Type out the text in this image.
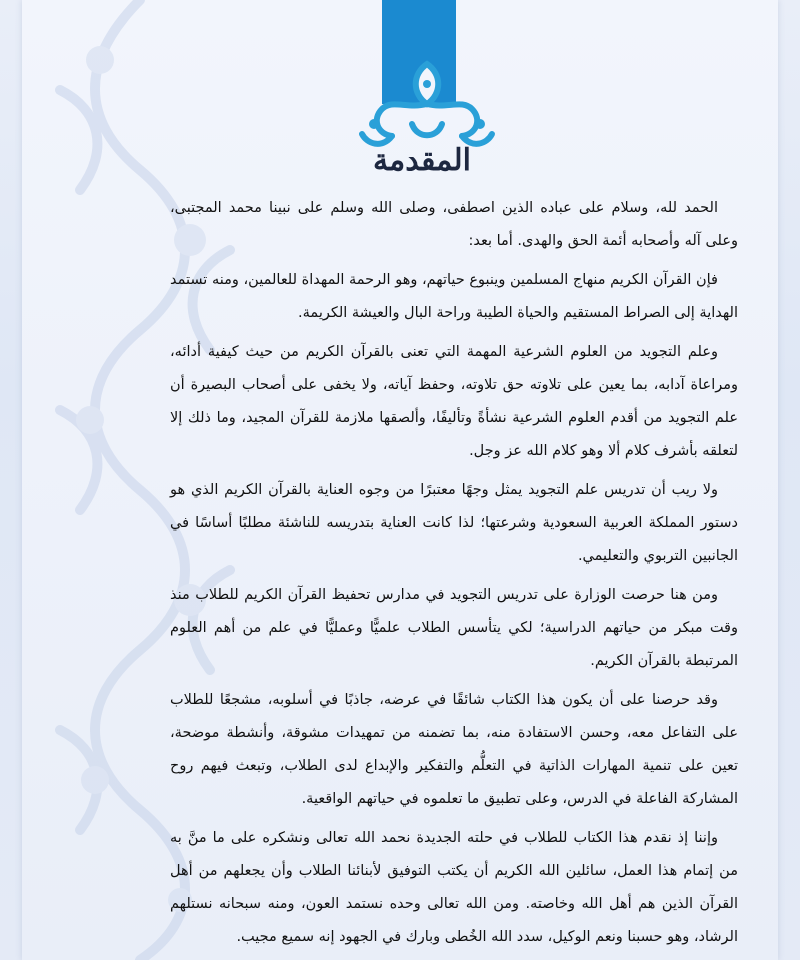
المقدمة

الحمد لله، وسلام على عباده الذين اصطفى، وصلى الله وسلم على نبينا محمد المجتبى، وعلى آله وأصحابه أئمة الحق والهدى. أما بعد:

فإن القرآن الكريم منهاج المسلمين وينبوع حياتهم، وهو الرحمة المهداة للعالمين، ومنه تستمد الهداية إلى الصراط المستقيم والحياة الطيبة وراحة البال والعيشة الكريمة.

وعلم التجويد من العلوم الشرعية المهمة التي تعنى بالقرآن الكريم من حيث كيفية أدائه، ومراعاة آدابه، بما يعين على تلاوته حق تلاوته، وحفظ آياته، ولا يخفى على أصحاب البصيرة أن علم التجويد من أقدم العلوم الشرعية نشأةً وتأليفًا، وألصقها ملازمة للقرآن المجيد، وما ذلك إلا لتعلقه بأشرف كلام ألا وهو كلام الله عز وجل.

ولا ريب أن تدريس علم التجويد يمثل وجهًا معتبرًا من وجوه العناية بالقرآن الكريم الذي هو دستور المملكة العربية السعودية وشرعتها؛ لذا كانت العناية بتدريسه للناشئة مطلبًا أساسًا في الجانبين التربوي والتعليمي.

ومن هنا حرصت الوزارة على تدريس التجويد في مدارس تحفيظ القرآن الكريم للطلاب منذ وقت مبكر من حياتهم الدراسية؛ لكي يتأسس الطلاب علميًّا وعمليًّا في علم من أهم العلوم المرتبطة بالقرآن الكريم.

وقد حرصنا على أن يكون هذا الكتاب شائقًا في عرضه، جاذبًا في أسلوبه، مشجعًا للطلاب على التفاعل معه، وحسن الاستفادة منه، بما تضمنه من تمهيدات مشوقة، وأنشطة موضحة، تعين على تنمية المهارات الذاتية في التعلُّم والتفكير والإبداع لدى الطلاب، وتبعث فيهم روح المشاركة الفاعلة في الدرس، وعلى تطبيق ما تعلموه في حياتهم الواقعية.

وإننا إذ نقدم هذا الكتاب للطلاب في حلته الجديدة نحمد الله تعالى ونشكره على ما منَّ به من إتمام هذا العمل، سائلين الله الكريم أن يكتب التوفيق لأبنائنا الطلاب وأن يجعلهم من أهل القرآن الذين هم أهل الله وخاصته. ومن الله تعالى وحده نستمد العون، ومنه سبحانه نستلهم الرشاد، وهو حسبنا ونعم الوكيل، سدد الله الخُطى وبارك في الجهود إنه سميع مجيب.
